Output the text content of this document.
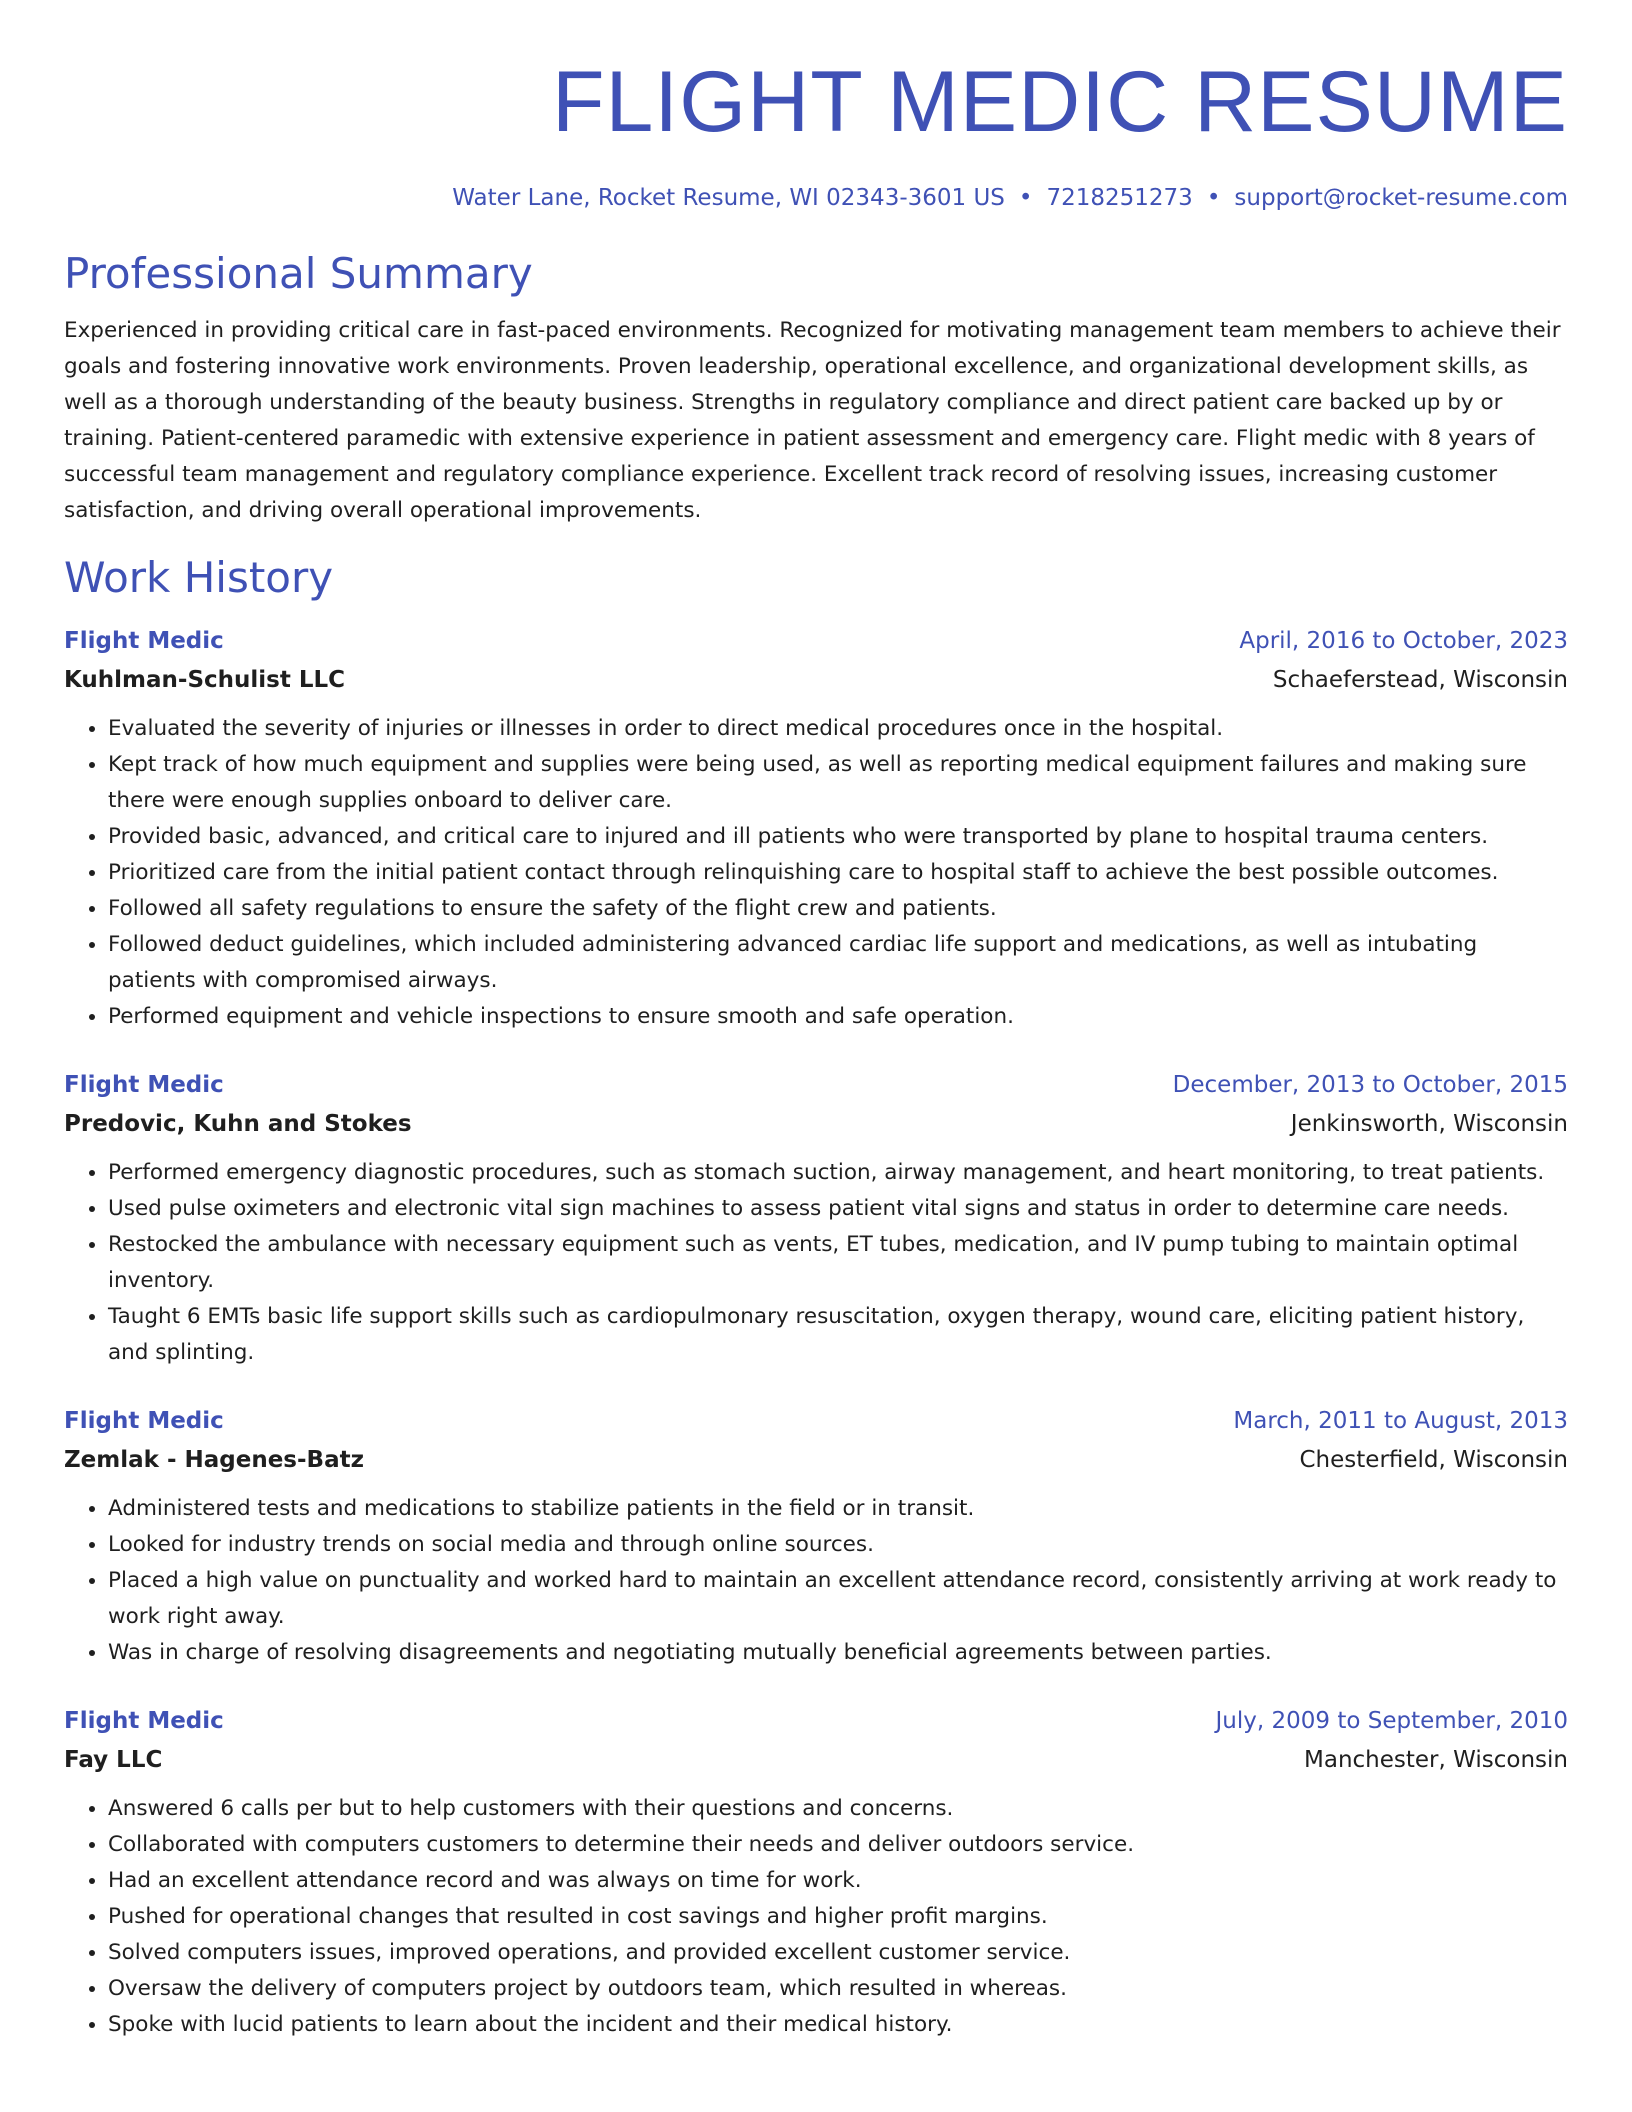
FLIGHT MEDIC RESUME
Water Lane, Rocket Resume, WI 02343-3601 US • 7218251273 • support@rocket-resume.com
Professional Summary

Experienced in providing critical care in fast-paced environments. Recognized for motivating management team members to achieve their goals and fostering innovative work environments. Proven leadership, operational excellence, and organizational development skills, as well as a thorough understanding of the beauty business. Strengths in regulatory compliance and direct patient care backed up by or training. Patient-centered paramedic with extensive experience in patient assessment and emergency care. Flight medic with 8 years of successful team management and regulatory compliance experience. Excellent track record of resolving issues, increasing customer satisfaction, and driving overall operational improvements.

Work History
Flight Medic	April, 2016 to October, 2023
Kuhlman-Schulist LLC	Schaeferstead, Wisconsin
• Evaluated the severity of injuries or illnesses in order to direct medical procedures once in the hospital.
• Kept track of how much equipment and supplies were being used, as well as reporting medical equipment failures and making sure there were enough supplies onboard to deliver care.
• Provided basic, advanced, and critical care to injured and ill patients who were transported by plane to hospital trauma centers.
• Prioritized care from the initial patient contact through relinquishing care to hospital staff to achieve the best possible outcomes.
• Followed all safety regulations to ensure the safety of the flight crew and patients.
• Followed deduct guidelines, which included administering advanced cardiac life support and medications, as well as intubating patients with compromised airways.
• Performed equipment and vehicle inspections to ensure smooth and safe operation.
Flight Medic	December, 2013 to October, 2015
Predovic, Kuhn and Stokes	Jenkinsworth, Wisconsin
• Performed emergency diagnostic procedures, such as stomach suction, airway management, and heart monitoring, to treat patients.
• Used pulse oximeters and electronic vital sign machines to assess patient vital signs and status in order to determine care needs.
• Restocked the ambulance with necessary equipment such as vents, ET tubes, medication, and IV pump tubing to maintain optimal inventory.
• Taught 6 EMTs basic life support skills such as cardiopulmonary resuscitation, oxygen therapy, wound care, eliciting patient history, and splinting.
Flight Medic	March, 2011 to August, 2013
Zemlak - Hagenes-Batz	Chesterfield, Wisconsin
• Administered tests and medications to stabilize patients in the field or in transit.
• Looked for industry trends on social media and through online sources.
• Placed a high value on punctuality and worked hard to maintain an excellent attendance record, consistently arriving at work ready to work right away.
• Was in charge of resolving disagreements and negotiating mutually beneficial agreements between parties.
Flight Medic	July, 2009 to September, 2010
Fay LLC	Manchester, Wisconsin
• Answered 6 calls per but to help customers with their questions and concerns.
• Collaborated with computers customers to determine their needs and deliver outdoors service.
• Had an excellent attendance record and was always on time for work.
• Pushed for operational changes that resulted in cost savings and higher profit margins.
• Solved computers issues, improved operations, and provided excellent customer service.
• Oversaw the delivery of computers project by outdoors team, which resulted in whereas.
• Spoke with lucid patients to learn about the incident and their medical history.
